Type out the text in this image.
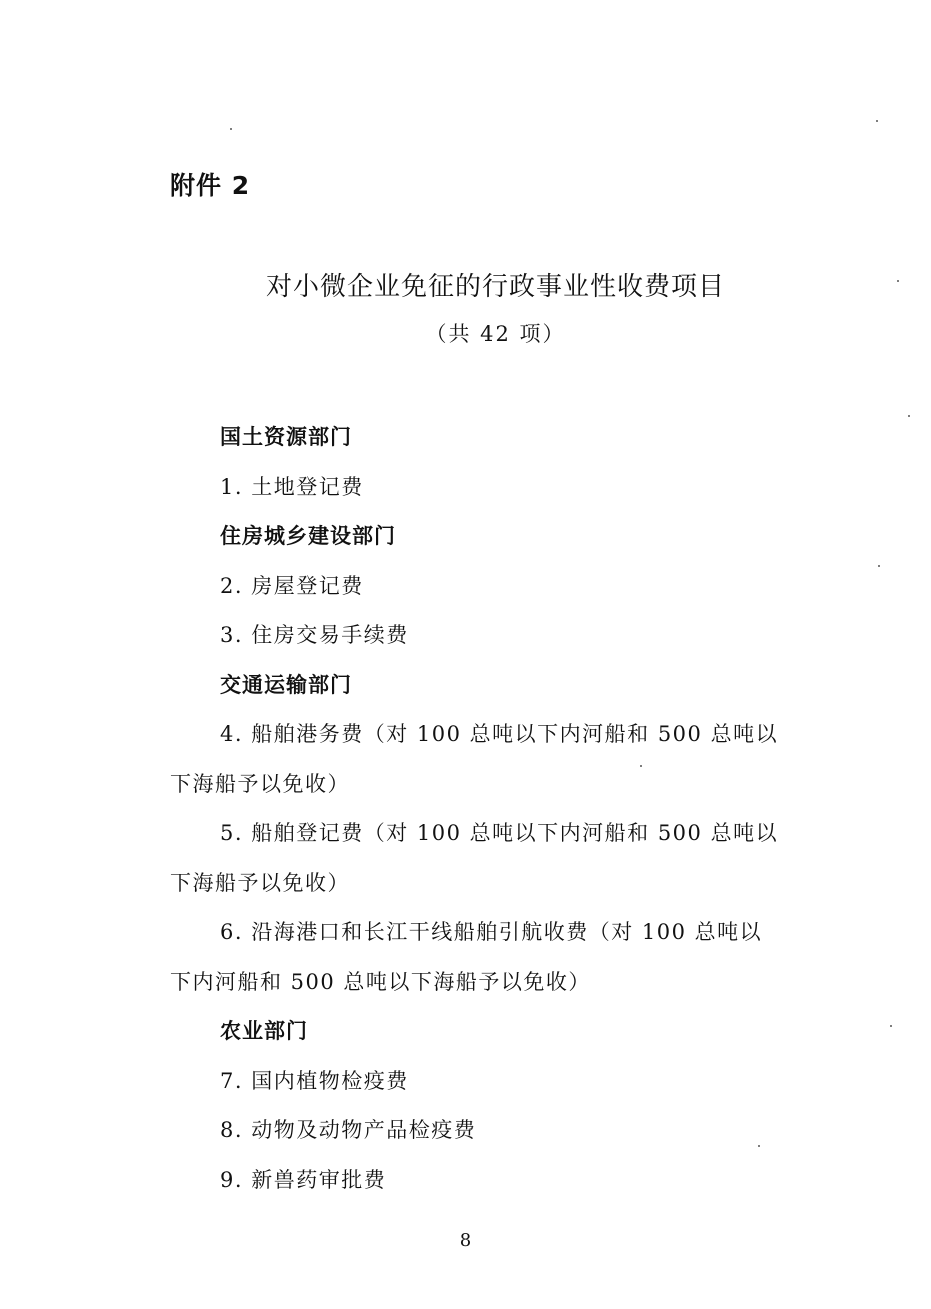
附件 2
对小微企业免征的行政事业性收费项目
（共 42 项）

国土资源部门

1. 土地登记费

住房城乡建设部门

2. 房屋登记费

3. 住房交易手续费

交通运输部门

4. 船舶港务费（对 100 总吨以下内河船和 500 总吨以

下海船予以免收）

5. 船舶登记费（对 100 总吨以下内河船和 500 总吨以

下海船予以免收）

6. 沿海港口和长江干线船舶引航收费（对 100 总吨以

下内河船和 500 总吨以下海船予以免收）

农业部门

7. 国内植物检疫费

8. 动物及动物产品检疫费

9. 新兽药审批费

8
